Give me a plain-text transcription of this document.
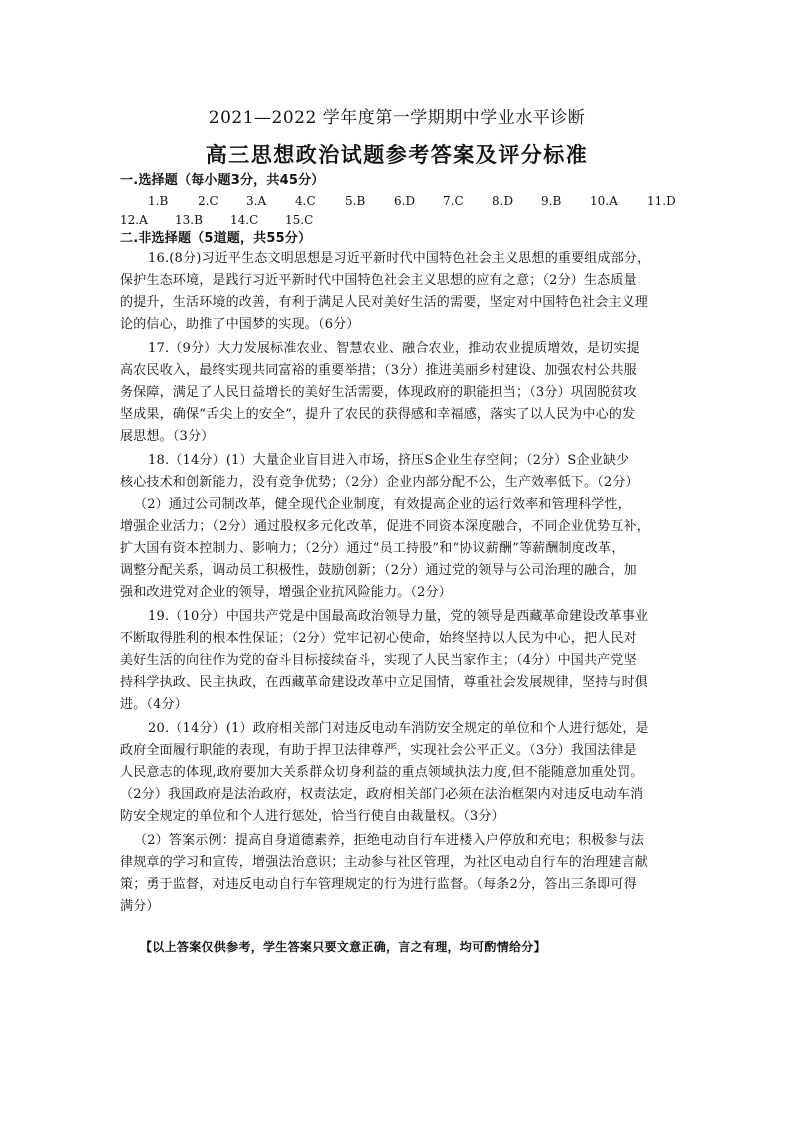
2021—2022 学年度第一学期期中学业水平诊断
高三思想政治试题参考答案及评分标准
一.选择题（每小题3分，共45分）
1.B 2.C 3.A 4.C 5.B 6.D 7.C 8.D 9.B 10.A 11.D
12.A 13.B 14.C 15.C
二.非选择题（5道题，共55分）
16.(8分)习近平生态文明思想是习近平新时代中国特色社会主义思想的重要组成部分，
保护生态环境，是践行习近平新时代中国特色社会主义思想的应有之意；（2分）生态质量
的提升，生活环境的改善，有利于满足人民对美好生活的需要，坚定对中国特色社会主义理
论的信心，助推了中国梦的实现。（6分）
17.（9分）大力发展标准农业、智慧农业、融合农业，推动农业提质增效，是切实提
高农民收入，最终实现共同富裕的重要举措；（3分）推进美丽乡村建设、加强农村公共服
务保障，满足了人民日益增长的美好生活需要，体现政府的职能担当；（3分）巩固脱贫攻
坚成果，确保“舌尖上的安全”，提升了农民的获得感和幸福感，落实了以人民为中心的发
展思想。（3分）
18.（14分）(1）大量企业盲目进入市场，挤压S企业生存空间；（2分）S企业缺少
核心技术和创新能力，没有竞争优势；（2分）企业内部分配不公，生产效率低下。（2分）
（2）通过公司制改革，健全现代企业制度，有效提高企业的运行效率和管理科学性，
增强企业活力；（2分）通过股权多元化改革，促进不同资本深度融合，不同企业优势互补，
扩大国有资本控制力、影响力；（2分）通过“员工持股”和“协议薪酬”等薪酬制度改革，
调整分配关系，调动员工积极性，鼓励创新；（2分）通过党的领导与公司治理的融合，加
强和改进党对企业的领导，增强企业抗风险能力。（2分）
19.（10分）中国共产党是中国最高政治领导力量，党的领导是西藏革命建设改革事业
不断取得胜利的根本性保证；（2分）党牢记初心使命，始终坚持以人民为中心，把人民对
美好生活的向往作为党的奋斗目标接续奋斗，实现了人民当家作主；（4分）中国共产党坚
持科学执政、民主执政，在西藏革命建设改革中立足国情，尊重社会发展规律，坚持与时俱
进。（4分）
20.（14分）(1）政府相关部门对违反电动车消防安全规定的单位和个人进行惩处，是
政府全面履行职能的表现，有助于捍卫法律尊严，实现社会公平正义。（3分）我国法律是
人民意志的体现,政府要加大关系群众切身利益的重点领域执法力度,但不能随意加重处罚。
（2分）我国政府是法治政府，权责法定，政府相关部门必须在法治框架内对违反电动车消
防安全规定的单位和个人进行惩处，恰当行使自由裁量权。（3分）
（2）答案示例：提高自身道德素养，拒绝电动自行车进楼入户停放和充电；积极参与法
律规章的学习和宣传，增强法治意识；主动参与社区管理，为社区电动自行车的治理建言献
策；勇于监督，对违反电动自行车管理规定的行为进行监督。（每条2分，答出三条即可得
满分）
【以上答案仅供参考，学生答案只要文意正确，言之有理，均可酌情给分】
